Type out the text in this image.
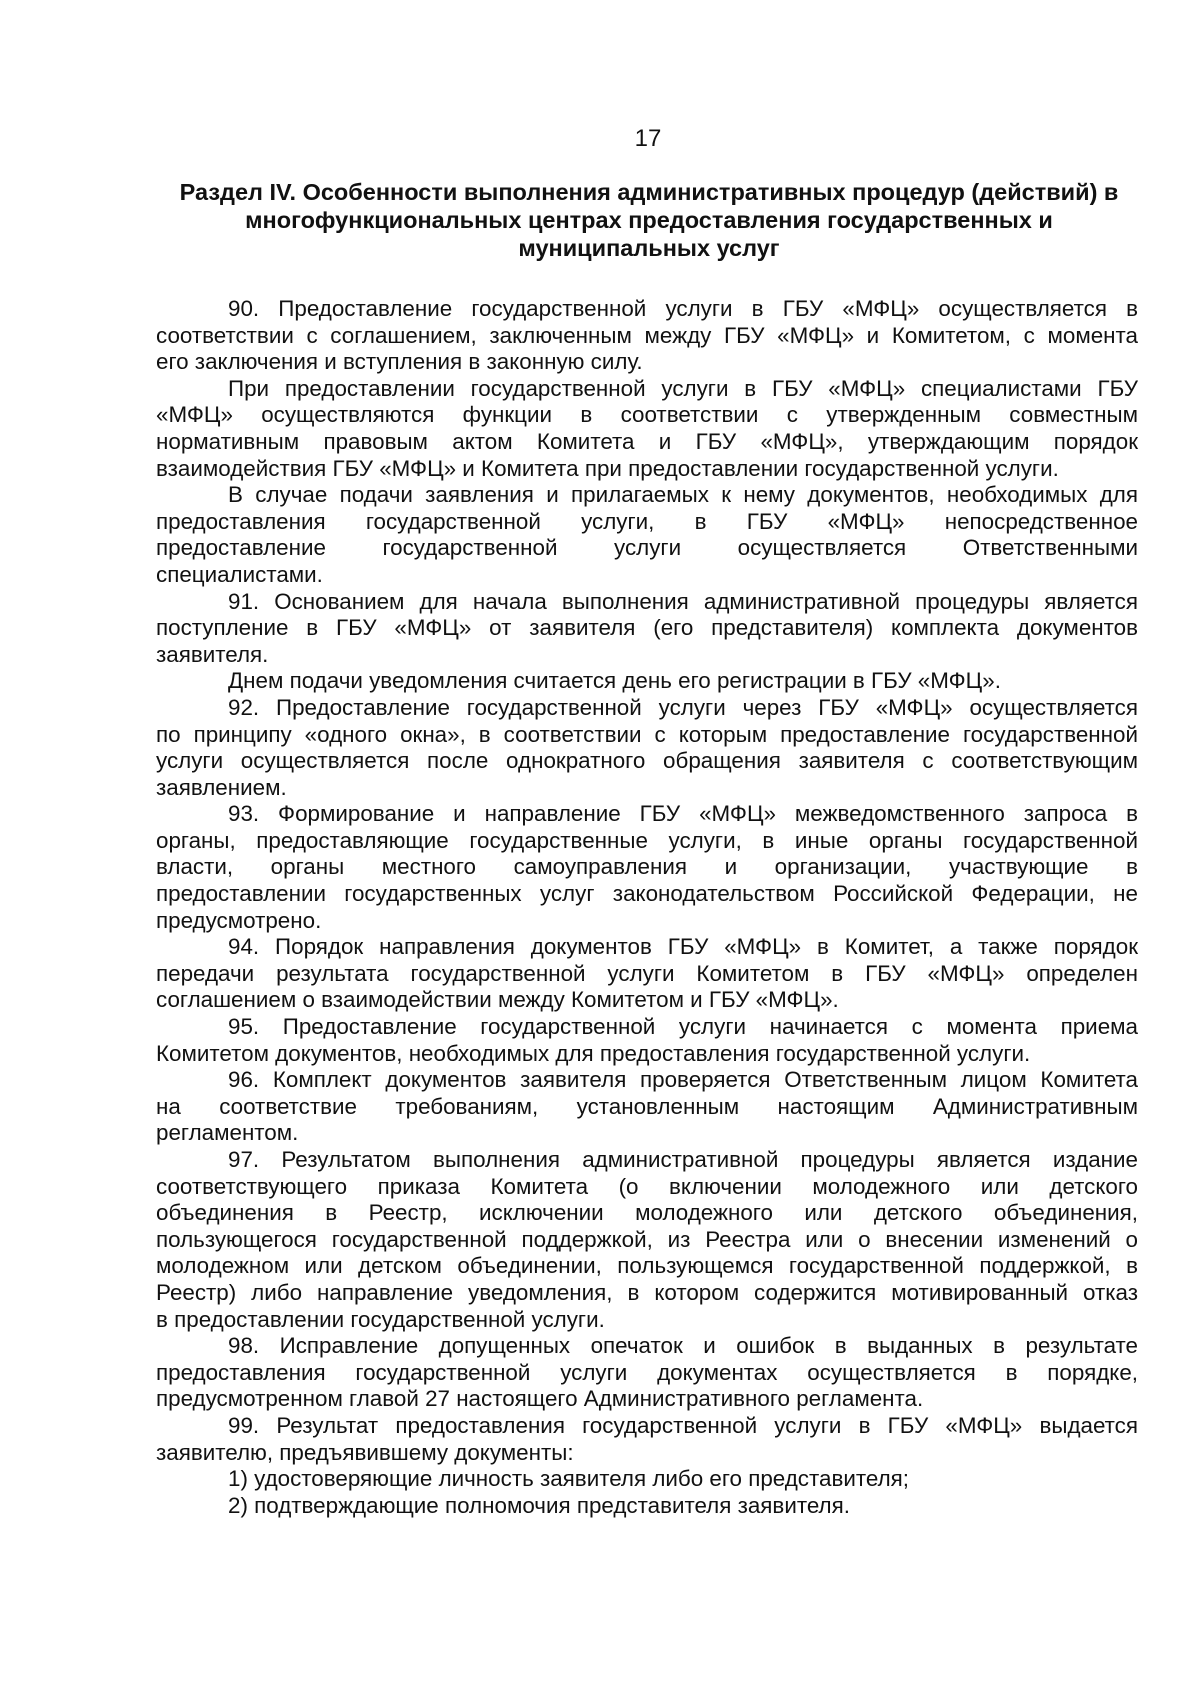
17
Раздел IV. Особенности выполнения административных процедур (действий) в
многофункциональных центрах предоставления государственных и
муниципальных услуг
90. Предоставление государственной услуги в ГБУ «МФЦ» осуществляется в
соответствии с соглашением, заключенным между ГБУ «МФЦ» и Комитетом, с момента
его заключения и вступления в законную силу.
При предоставлении государственной услуги в ГБУ «МФЦ» специалистами ГБУ
«МФЦ» осуществляются функции в соответствии с утвержденным совместным
нормативным правовым актом Комитета и ГБУ «МФЦ», утверждающим порядок
взаимодействия ГБУ «МФЦ» и Комитета при предоставлении государственной услуги.
В случае подачи заявления и прилагаемых к нему документов, необходимых для
предоставления государственной услуги, в ГБУ «МФЦ» непосредственное
предоставление государственной услуги осуществляется Ответственными
специалистами.
91. Основанием для начала выполнения административной процедуры является
поступление в ГБУ «МФЦ» от заявителя (его представителя) комплекта документов
заявителя.
Днем подачи уведомления считается день его регистрации в ГБУ «МФЦ».
92. Предоставление государственной услуги через ГБУ «МФЦ» осуществляется
по принципу «одного окна», в соответствии с которым предоставление государственной
услуги осуществляется после однократного обращения заявителя с соответствующим
заявлением.
93. Формирование и направление ГБУ «МФЦ» межведомственного запроса в
органы, предоставляющие государственные услуги, в иные органы государственной
власти, органы местного самоуправления и организации, участвующие в
предоставлении государственных услуг законодательством Российской Федерации, не
предусмотрено.
94. Порядок направления документов ГБУ «МФЦ» в Комитет, а также порядок
передачи результата государственной услуги Комитетом в ГБУ «МФЦ» определен
соглашением о взаимодействии между Комитетом и ГБУ «МФЦ».
95. Предоставление государственной услуги начинается с момента приема
Комитетом документов, необходимых для предоставления государственной услуги.
96. Комплект документов заявителя проверяется Ответственным лицом Комитета
на соответствие требованиям, установленным настоящим Административным
регламентом.
97. Результатом выполнения административной процедуры является издание
соответствующего приказа Комитета (о включении молодежного или детского
объединения в Реестр, исключении молодежного или детского объединения,
пользующегося государственной поддержкой, из Реестра или о внесении изменений о
молодежном или детском объединении, пользующемся государственной поддержкой, в
Реестр) либо направление уведомления, в котором содержится мотивированный отказ
в предоставлении государственной услуги.
98. Исправление допущенных опечаток и ошибок в выданных в результате
предоставления государственной услуги документах осуществляется в порядке,
предусмотренном главой 27 настоящего Административного регламента.
99. Результат предоставления государственной услуги в ГБУ «МФЦ» выдается
заявителю, предъявившему документы:
1) удостоверяющие личность заявителя либо его представителя;
2) подтверждающие полномочия представителя заявителя.
